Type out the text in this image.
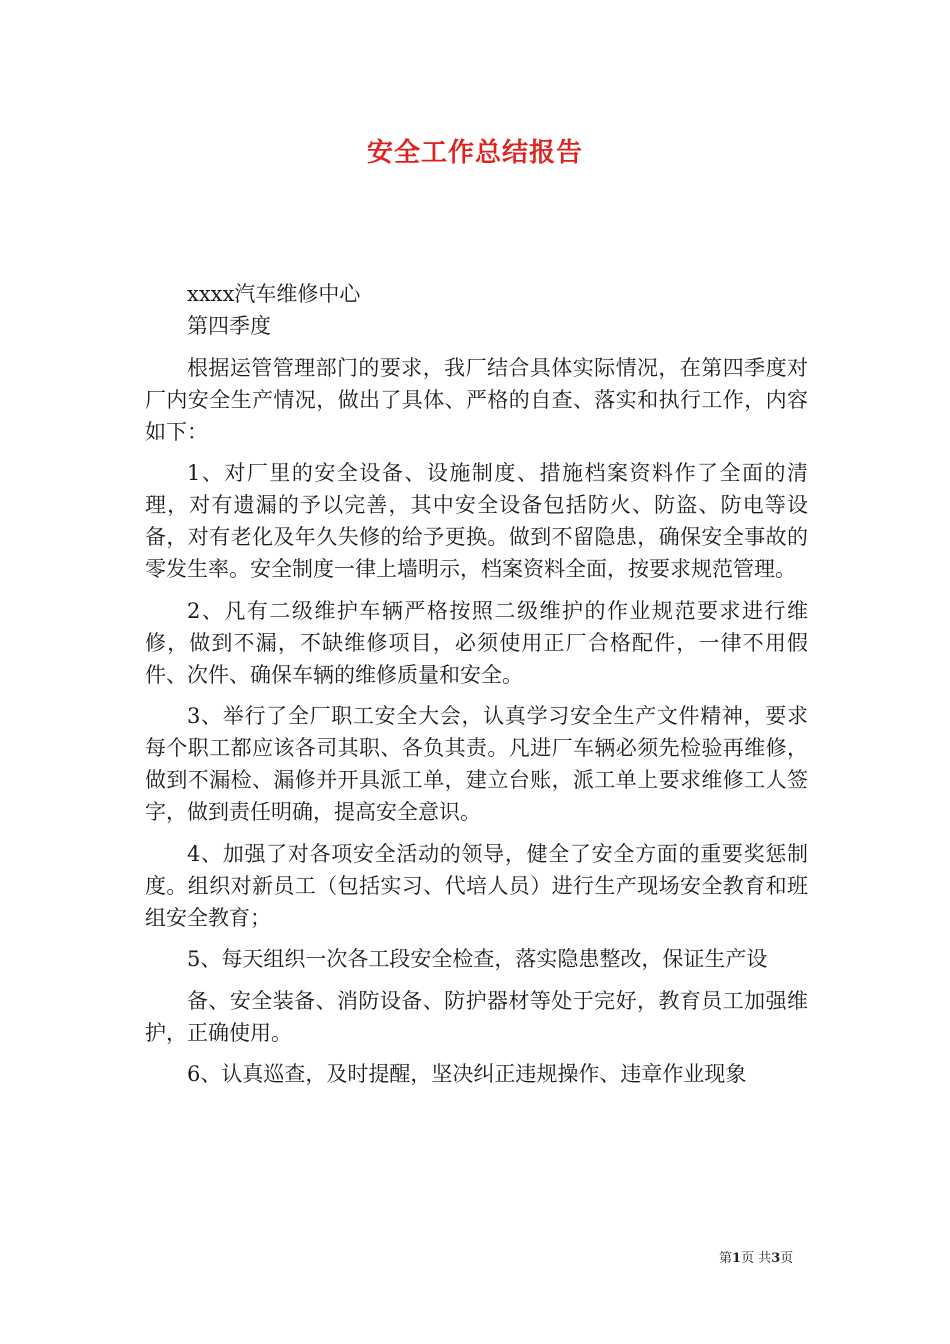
安全工作总结报告

xxxx汽车维修中心

第四季度

根据运管管理部门的要求，我厂结合具体实际情况，在第四季度对厂内安全生产情况，做出了具体、严格的自查、落实和执行工作，内容如下：

1、对厂里的安全设备、设施制度、措施档案资料作了全面的清理，对有遗漏的予以完善，其中安全设备包括防火、防盗、防电等设备，对有老化及年久失修的给予更换。做到不留隐患，确保安全事故的零发生率。安全制度一律上墙明示，档案资料全面，按要求规范管理。

2、凡有二级维护车辆严格按照二级维护的作业规范要求进行维修，做到不漏，不缺维修项目，必须使用正厂合格配件，一律不用假件、次件、确保车辆的维修质量和安全。

3、举行了全厂职工安全大会，认真学习安全生产文件精神，要求每个职工都应该各司其职、各负其责。凡进厂车辆必须先检验再维修，做到不漏检、漏修并开具派工单，建立台账，派工单上要求维修工人签字，做到责任明确，提高安全意识。

4、加强了对各项安全活动的领导，健全了安全方面的重要奖惩制度。组织对新员工（包括实习、代培人员）进行生产现场安全教育和班组安全教育；

5、每天组织一次各工段安全检查，落实隐患整改，保证生产设

备、安全装备、消防设备、防护器材等处于完好，教育员工加强维护，正确使用。

6、认真巡查，及时提醒，坚决纠正违规操作、违章作业现象

第1页 共3页
